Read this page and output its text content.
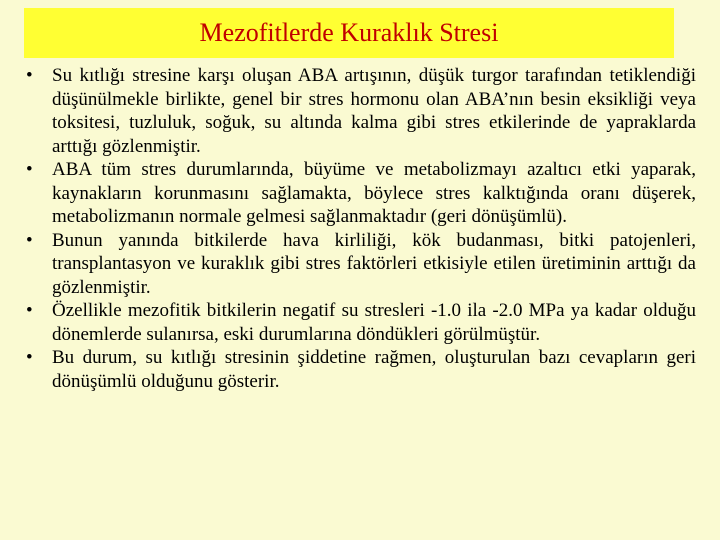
Mezofitlerde Kuraklık Stresi
• Su kıtlığı stresine karşı oluşan ABA artışının, düşük turgor tarafından tetiklendiği düşünülmekle birlikte, genel bir stres hormonu olan ABA’nın besin eksikliği veya toksitesi, tuzluluk, soğuk, su altında kalma gibi stres etkilerinde de yapraklarda arttığı gözlenmiştir.
• ABA tüm stres durumlarında, büyüme ve metabolizmayı azaltıcı etki yaparak, kaynakların korunmasını sağlamakta, böylece stres kalktığında oranı düşerek, metabolizmanın normale gelmesi sağlanmaktadır (geri dönüşümlü).
• Bunun yanında bitkilerde hava kirliliği, kök budanması, bitki patojenleri, transplantasyon ve kuraklık gibi stres faktörleri etkisiyle etilen üretiminin arttığı da gözlenmiştir.
• Özellikle mezofitik bitkilerin negatif su stresleri -1.0 ila -2.0 MPa ya kadar olduğu dönemlerde sulanırsa, eski durumlarına döndükleri görülmüştür.
• Bu durum, su kıtlığı stresinin şiddetine rağmen, oluşturulan bazı cevapların geri dönüşümlü olduğunu gösterir.
